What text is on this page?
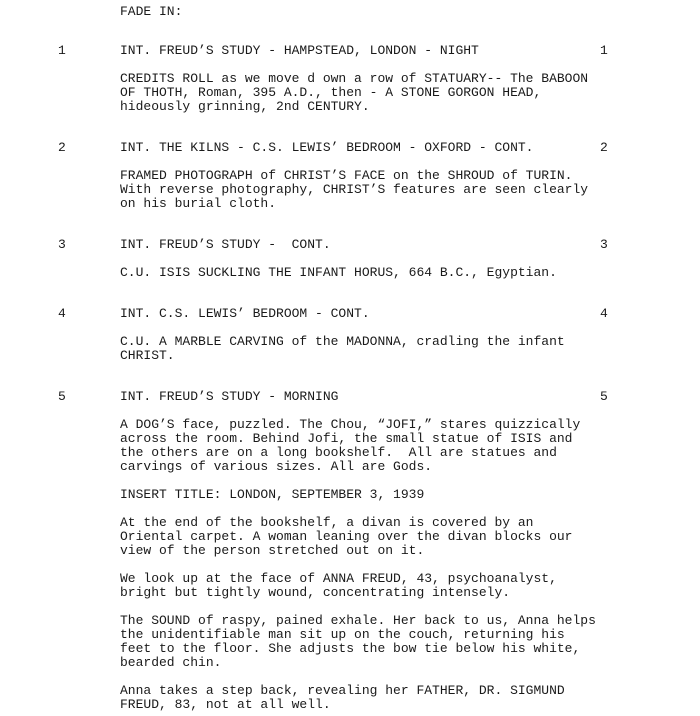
FADE IN:
1	INT. FREUD’S STUDY - HAMPSTEAD, LONDON - NIGHT	1
CREDITS ROLL as we move d own a row of STATUARY-- The BABOON
OF THOTH, Roman, 395 A.D., then - A STONE GORGON HEAD,
hideously grinning, 2nd CENTURY.
2	INT. THE KILNS - C.S. LEWIS’ BEDROOM - OXFORD - CONT.	2
FRAMED PHOTOGRAPH of CHRIST’S FACE on the SHROUD of TURIN.
With reverse photography, CHRIST’S features are seen clearly
on his burial cloth.
3	INT. FREUD’S STUDY -  CONT.	3
C.U. ISIS SUCKLING THE INFANT HORUS, 664 B.C., Egyptian.
4	INT. C.S. LEWIS’ BEDROOM - CONT.	4
C.U. A MARBLE CARVING of the MADONNA, cradling the infant
CHRIST.
5	INT. FREUD’S STUDY - MORNING	5
A DOG’S face, puzzled. The Chou, “JOFI,” stares quizzically
across the room. Behind Jofi, the small statue of ISIS and
the others are on a long bookshelf.  All are statues and
carvings of various sizes. All are Gods.
INSERT TITLE: LONDON, SEPTEMBER 3, 1939
At the end of the bookshelf, a divan is covered by an
Oriental carpet. A woman leaning over the divan blocks our
view of the person stretched out on it.
We look up at the face of ANNA FREUD, 43, psychoanalyst,
bright but tightly wound, concentrating intensely.
The SOUND of raspy, pained exhale. Her back to us, Anna helps
the unidentifiable man sit up on the couch, returning his
feet to the floor. She adjusts the bow tie below his white,
bearded chin.
Anna takes a step back, revealing her FATHER, DR. SIGMUND
FREUD, 83, not at all well.
